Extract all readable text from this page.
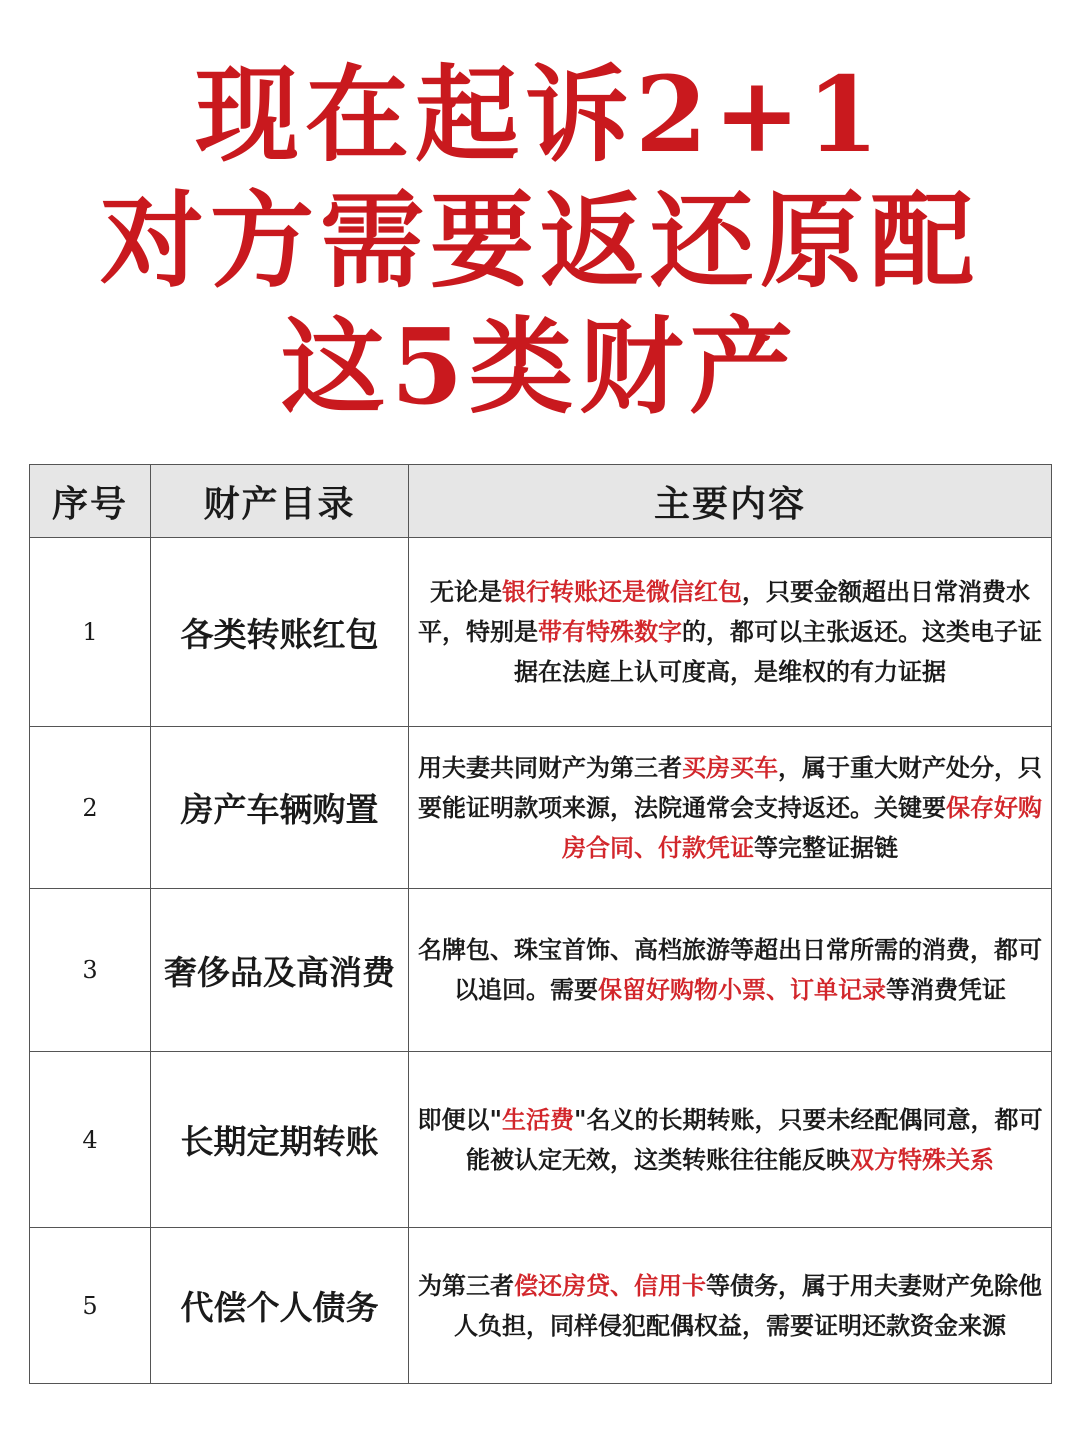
现在起诉2+1
对方需要返还原配
这5类财产
序号	财产目录	主要内容
1	各类转账红包	无论是银行转账还是微信红包，只要金额超出日常消费水平，特别是带有特殊数字的，都可以主张返还。这类电子证据在法庭上认可度高，是维权的有力证据
2	房产车辆购置	用夫妻共同财产为第三者买房买车，属于重大财产处分，只要能证明款项来源，法院通常会支持返还。关键要保存好购房合同、付款凭证等完整证据链
3	奢侈品及高消费	名牌包、珠宝首饰、高档旅游等超出日常所需的消费，都可以追回。需要保留好购物小票、订单记录等消费凭证
4	长期定期转账	即便以"生活费"名义的长期转账，只要未经配偶同意，都可能被认定无效，这类转账往往能反映双方特殊关系
5	代偿个人债务	为第三者偿还房贷、信用卡等债务，属于用夫妻财产免除他人负担，同样侵犯配偶权益，需要证明还款资金来源
